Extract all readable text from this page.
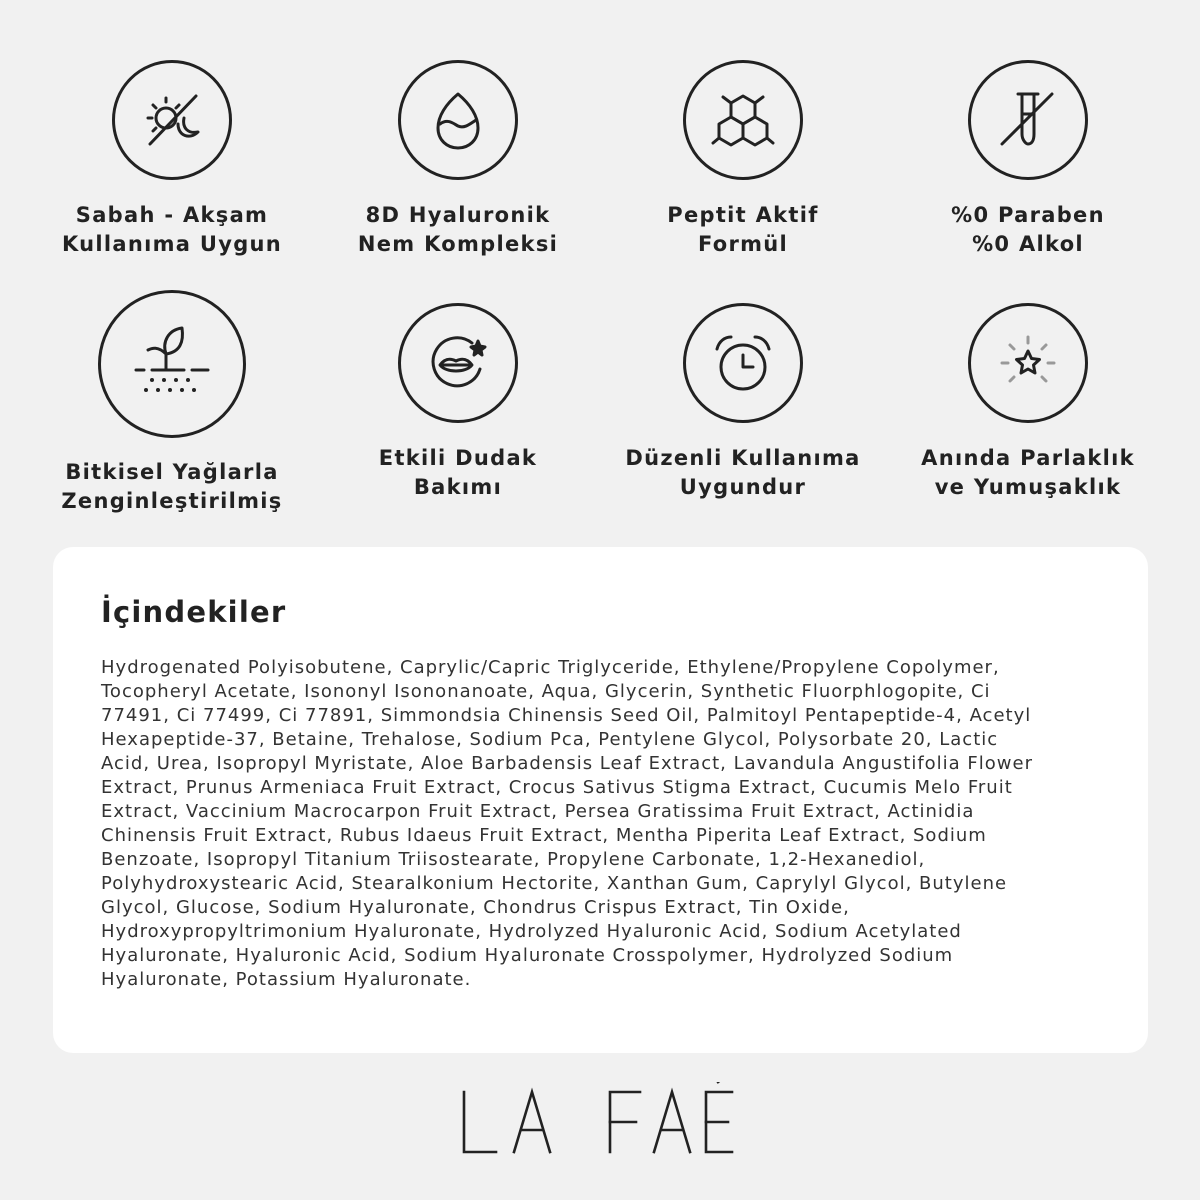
Sabah - Akşam
Kullanıma Uygun
8D Hyaluronik
Nem Kompleksi
Peptit Aktif
Formül
%0 Paraben
%0 Alkol
Bitkisel Yağlarla
Zenginleştirilmiş
Etkili Dudak
Bakımı
Düzenli Kullanıma
Uygundur
Anında Parlaklık
ve Yumuşaklık
İçindekiler
Hydrogenated Polyisobutene, Caprylic/Capric Triglyceride, Ethylene/Propylene Copolymer,
Tocopheryl Acetate, Isononyl Isononanoate, Aqua, Glycerin, Synthetic Fluorphlogopite, Ci
77491, Ci 77499, Ci 77891, Simmondsia Chinensis Seed Oil, Palmitoyl Pentapeptide-4, Acetyl
Hexapeptide-37, Betaine, Trehalose, Sodium Pca, Pentylene Glycol, Polysorbate 20, Lactic
Acid, Urea, Isopropyl Myristate, Aloe Barbadensis Leaf Extract, Lavandula Angustifolia Flower
Extract, Prunus Armeniaca Fruit Extract, Crocus Sativus Stigma Extract, Cucumis Melo Fruit
Extract, Vaccinium Macrocarpon Fruit Extract, Persea Gratissima Fruit Extract, Actinidia
Chinensis Fruit Extract, Rubus Idaeus Fruit Extract, Mentha Piperita Leaf Extract, Sodium
Benzoate, Isopropyl Titanium Triisostearate, Propylene Carbonate, 1,2-Hexanediol,
Polyhydroxystearic Acid, Stearalkonium Hectorite, Xanthan Gum, Caprylyl Glycol, Butylene
Glycol, Glucose, Sodium Hyaluronate, Chondrus Crispus Extract, Tin Oxide,
Hydroxypropyltrimonium Hyaluronate, Hydrolyzed Hyaluronic Acid, Sodium Acetylated
Hyaluronate, Hyaluronic Acid, Sodium Hyaluronate Crosspolymer, Hydrolyzed Sodium
Hyaluronate, Potassium Hyaluronate.
